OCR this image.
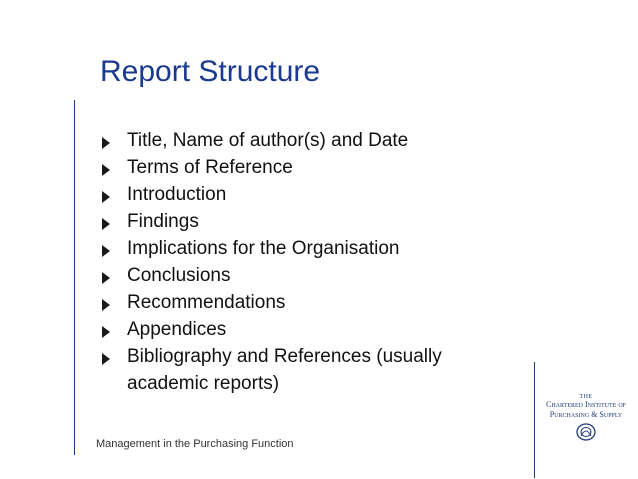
Report Structure
Title, Name of author(s) and Date
Terms of Reference
Introduction
Findings
Implications for the Organisation
Conclusions
Recommendations
Appendices
Bibliography and References (usually academic reports)
Management in the Purchasing Function
THE
Chartered Institute of
Purchasing & Supply
